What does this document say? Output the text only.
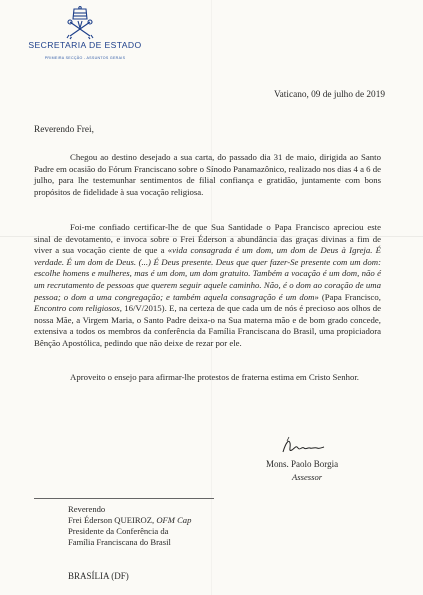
SECRETARIA DE ESTADO
PRIMEIRA SECÇÃO - ASSUNTOS GERAIS
Vaticano, 09 de julho de 2019
Reverendo Frei,

Chegou ao destino desejado a sua carta, do passado dia 31 de maio, dirigida ao Santo Padre em ocasião do Fórum Franciscano sobre o Sínodo Panamazônico, realizado nos dias 4 a 6 de julho, para lhe testemunhar sentimentos de filial confiança e gratidão, juntamente com bons propósitos de fidelidade à sua vocação religiosa.

Foi-me confiado certificar-lhe de que Sua Santidade o Papa Francisco apreciou este sinal de devotamento, e invoca sobre o Frei Éderson a abundância das graças divinas a fim de viver a sua vocação ciente de que a «vida consagrada é um dom, um dom de Deus à Igreja. É verdade. É um dom de Deus. (...) É Deus presente. Deus que quer fazer-Se presente com um dom: escolhe homens e mulheres, mas é um dom, um dom gratuito. Também a vocação é um dom, não é um recrutamento de pessoas que querem seguir aquele caminho. Não, é o dom ao coração de uma pessoa; o dom a uma congregação; e também aquela consagração é um dom» (Papa Francisco, Encontro com religiosos, 16/V/2015). E, na certeza de que cada um de nós é precioso aos olhos de nossa Mãe, a Virgem Maria, o Santo Padre deixa-o na Sua materna mão e de bom grado concede, extensiva a todos os membros da conferência da Família Franciscana do Brasil, uma propiciadora Bênção Apostólica, pedindo que não deixe de rezar por ele.

Aproveito o ensejo para afirmar-lhe protestos de fraterna estima em Cristo Senhor.

Mons. Paolo Borgia
Assessor
Reverendo
Frei Éderson QUEIROZ, OFM Cap
Presidente da Conferência da
Família Franciscana do Brasil
BRASÍLIA (DF)
